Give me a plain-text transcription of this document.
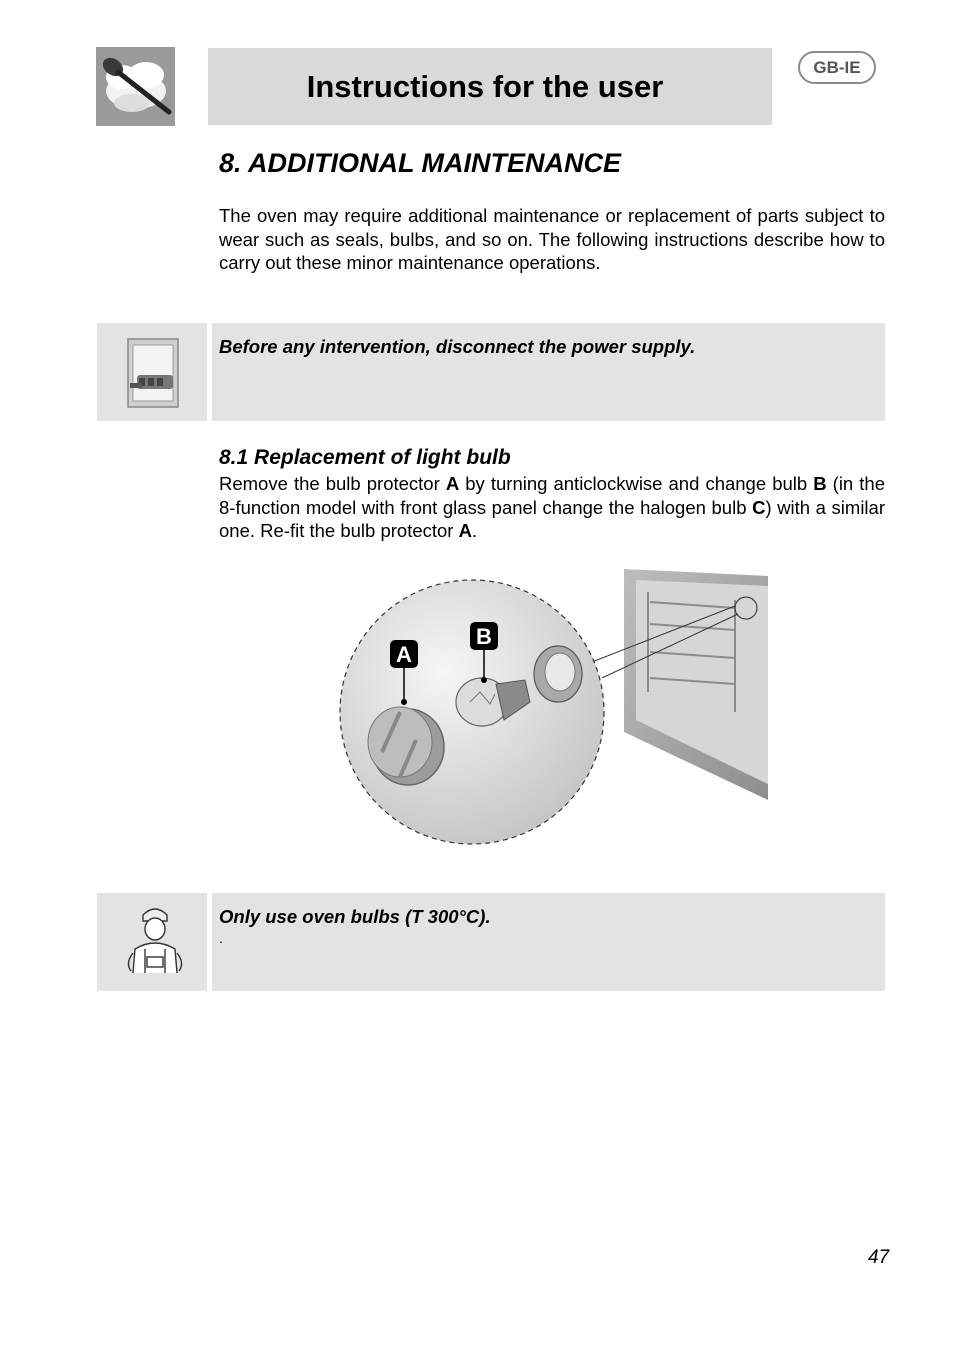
Instructions for the user
GB-IE
8. ADDITIONAL MAINTENANCE
The oven may require additional maintenance or replacement of parts subject to wear such as seals, bulbs, and so on. The following instructions describe how to carry out these minor maintenance operations.
Before any intervention, disconnect the power supply.
8.1 Replacement of light bulb
Remove the bulb protector A by turning anticlockwise and change bulb B (in the 8-function model with front glass panel change the halogen bulb C) with a similar one. Re-fit the bulb protector A.
A
B
Only use oven bulbs (T 300°C).
.
47
